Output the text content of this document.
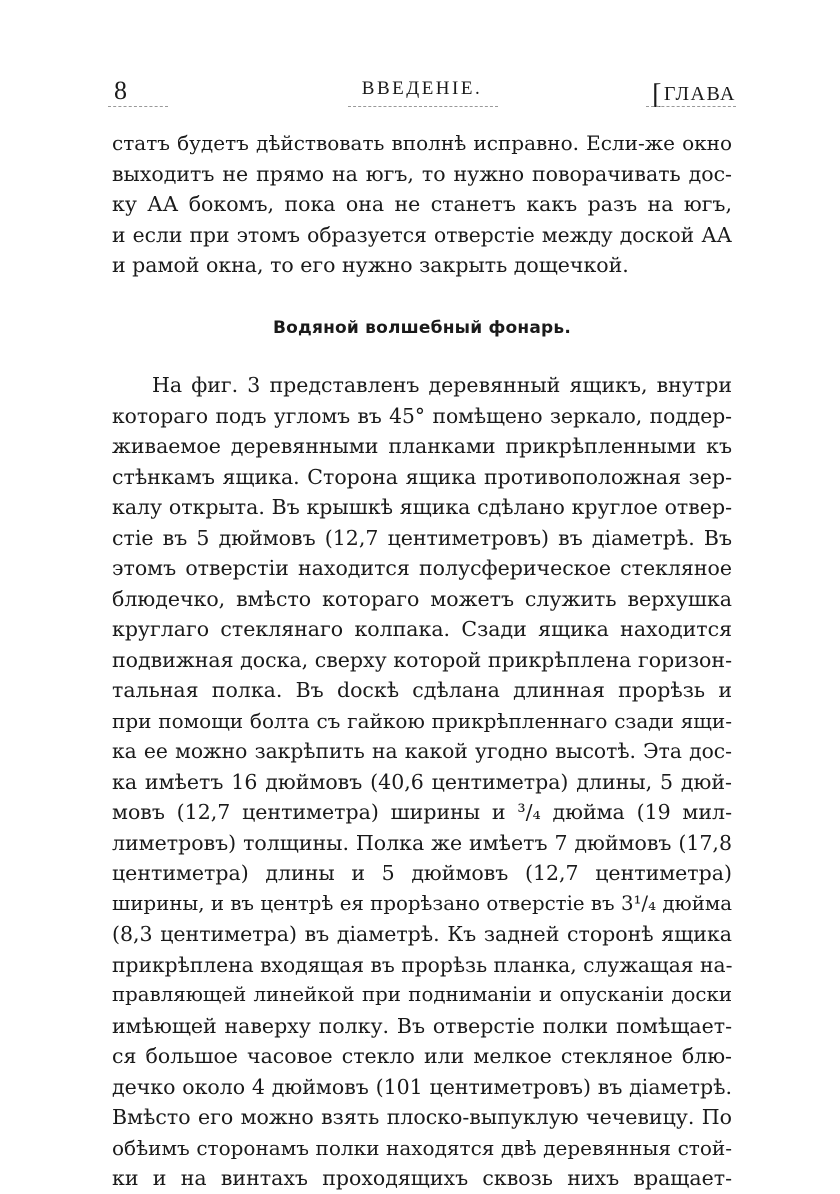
8	ВВЕДЕНІЕ.	[ГЛАВА
статъ будетъ дѣйствовать вполнѣ исправно. Если-же окно
выходитъ не прямо на югъ, то нужно поворачивать дос-
ку АА бокомъ, пока она не станетъ какъ разъ на югъ,
и если при этомъ образуется отверстіе между доской АА
и рамой окна, то его нужно закрыть дощечкой.
Водяной волшебный фонарь.
На фиг. 3 представленъ деревянный ящикъ, внутри
котораго подъ угломъ въ 45° помѣщено зеркало, поддер-
живаемое деревянными планками прикрѣпленными къ
стѣнкамъ ящика. Сторона ящика противоположная зер-
калу открыта. Въ крышкѣ ящика сдѣлано круглое отвер-
стіе въ 5 дюймовъ (12,7 центиметровъ) въ діаметрѣ. Въ
этомъ отверстіи находится полусферическое стекляное
блюдечко, вмѣсто котораго можетъ служить верхушка
круглаго стеклянаго колпака. Сзади ящика находится
подвижная доска, сверху которой прикрѣплена горизон-
тальная полка. Въ doскѣ сдѣлана длинная прорѣзь и
при помощи болта съ гайкою прикрѣпленнаго сзади ящи-
ка ее можно закрѣпить на какой угодно высотѣ. Эта дос-
ка имѣетъ 16 дюймовъ (40,6 центиметра) длины, 5 дюй-
мовъ (12,7 центиметра) ширины и ³/₄ дюйма (19 мил-
лиметровъ) толщины. Полка же имѣетъ 7 дюймовъ (17,8
центиметра) длины и 5 дюймовъ (12,7 центиметра)
ширины, и въ центрѣ ея прорѣзано отверстіе въ 3¹/₄ дюйма
(8,3 центиметра) въ діаметрѣ. Къ задней сторонѣ ящика
прикрѣплена входящая въ прорѣзь планка, служащая на-
правляющей линейкой при подниманіи и опусканіи доски
имѣющей наверху полку. Въ отверстіе полки помѣщает-
ся большое часовое стекло или мелкое стекляное блю-
дечко около 4 дюймовъ (101 центиметровъ) въ діаметрѣ.
Вмѣсто его можно взять плоско-выпуклую чечевицу. По
обѣимъ сторонамъ полки находятся двѣ деревянныя стой-
ки и на винтахъ проходящихъ сквозь нихъ вращает-
